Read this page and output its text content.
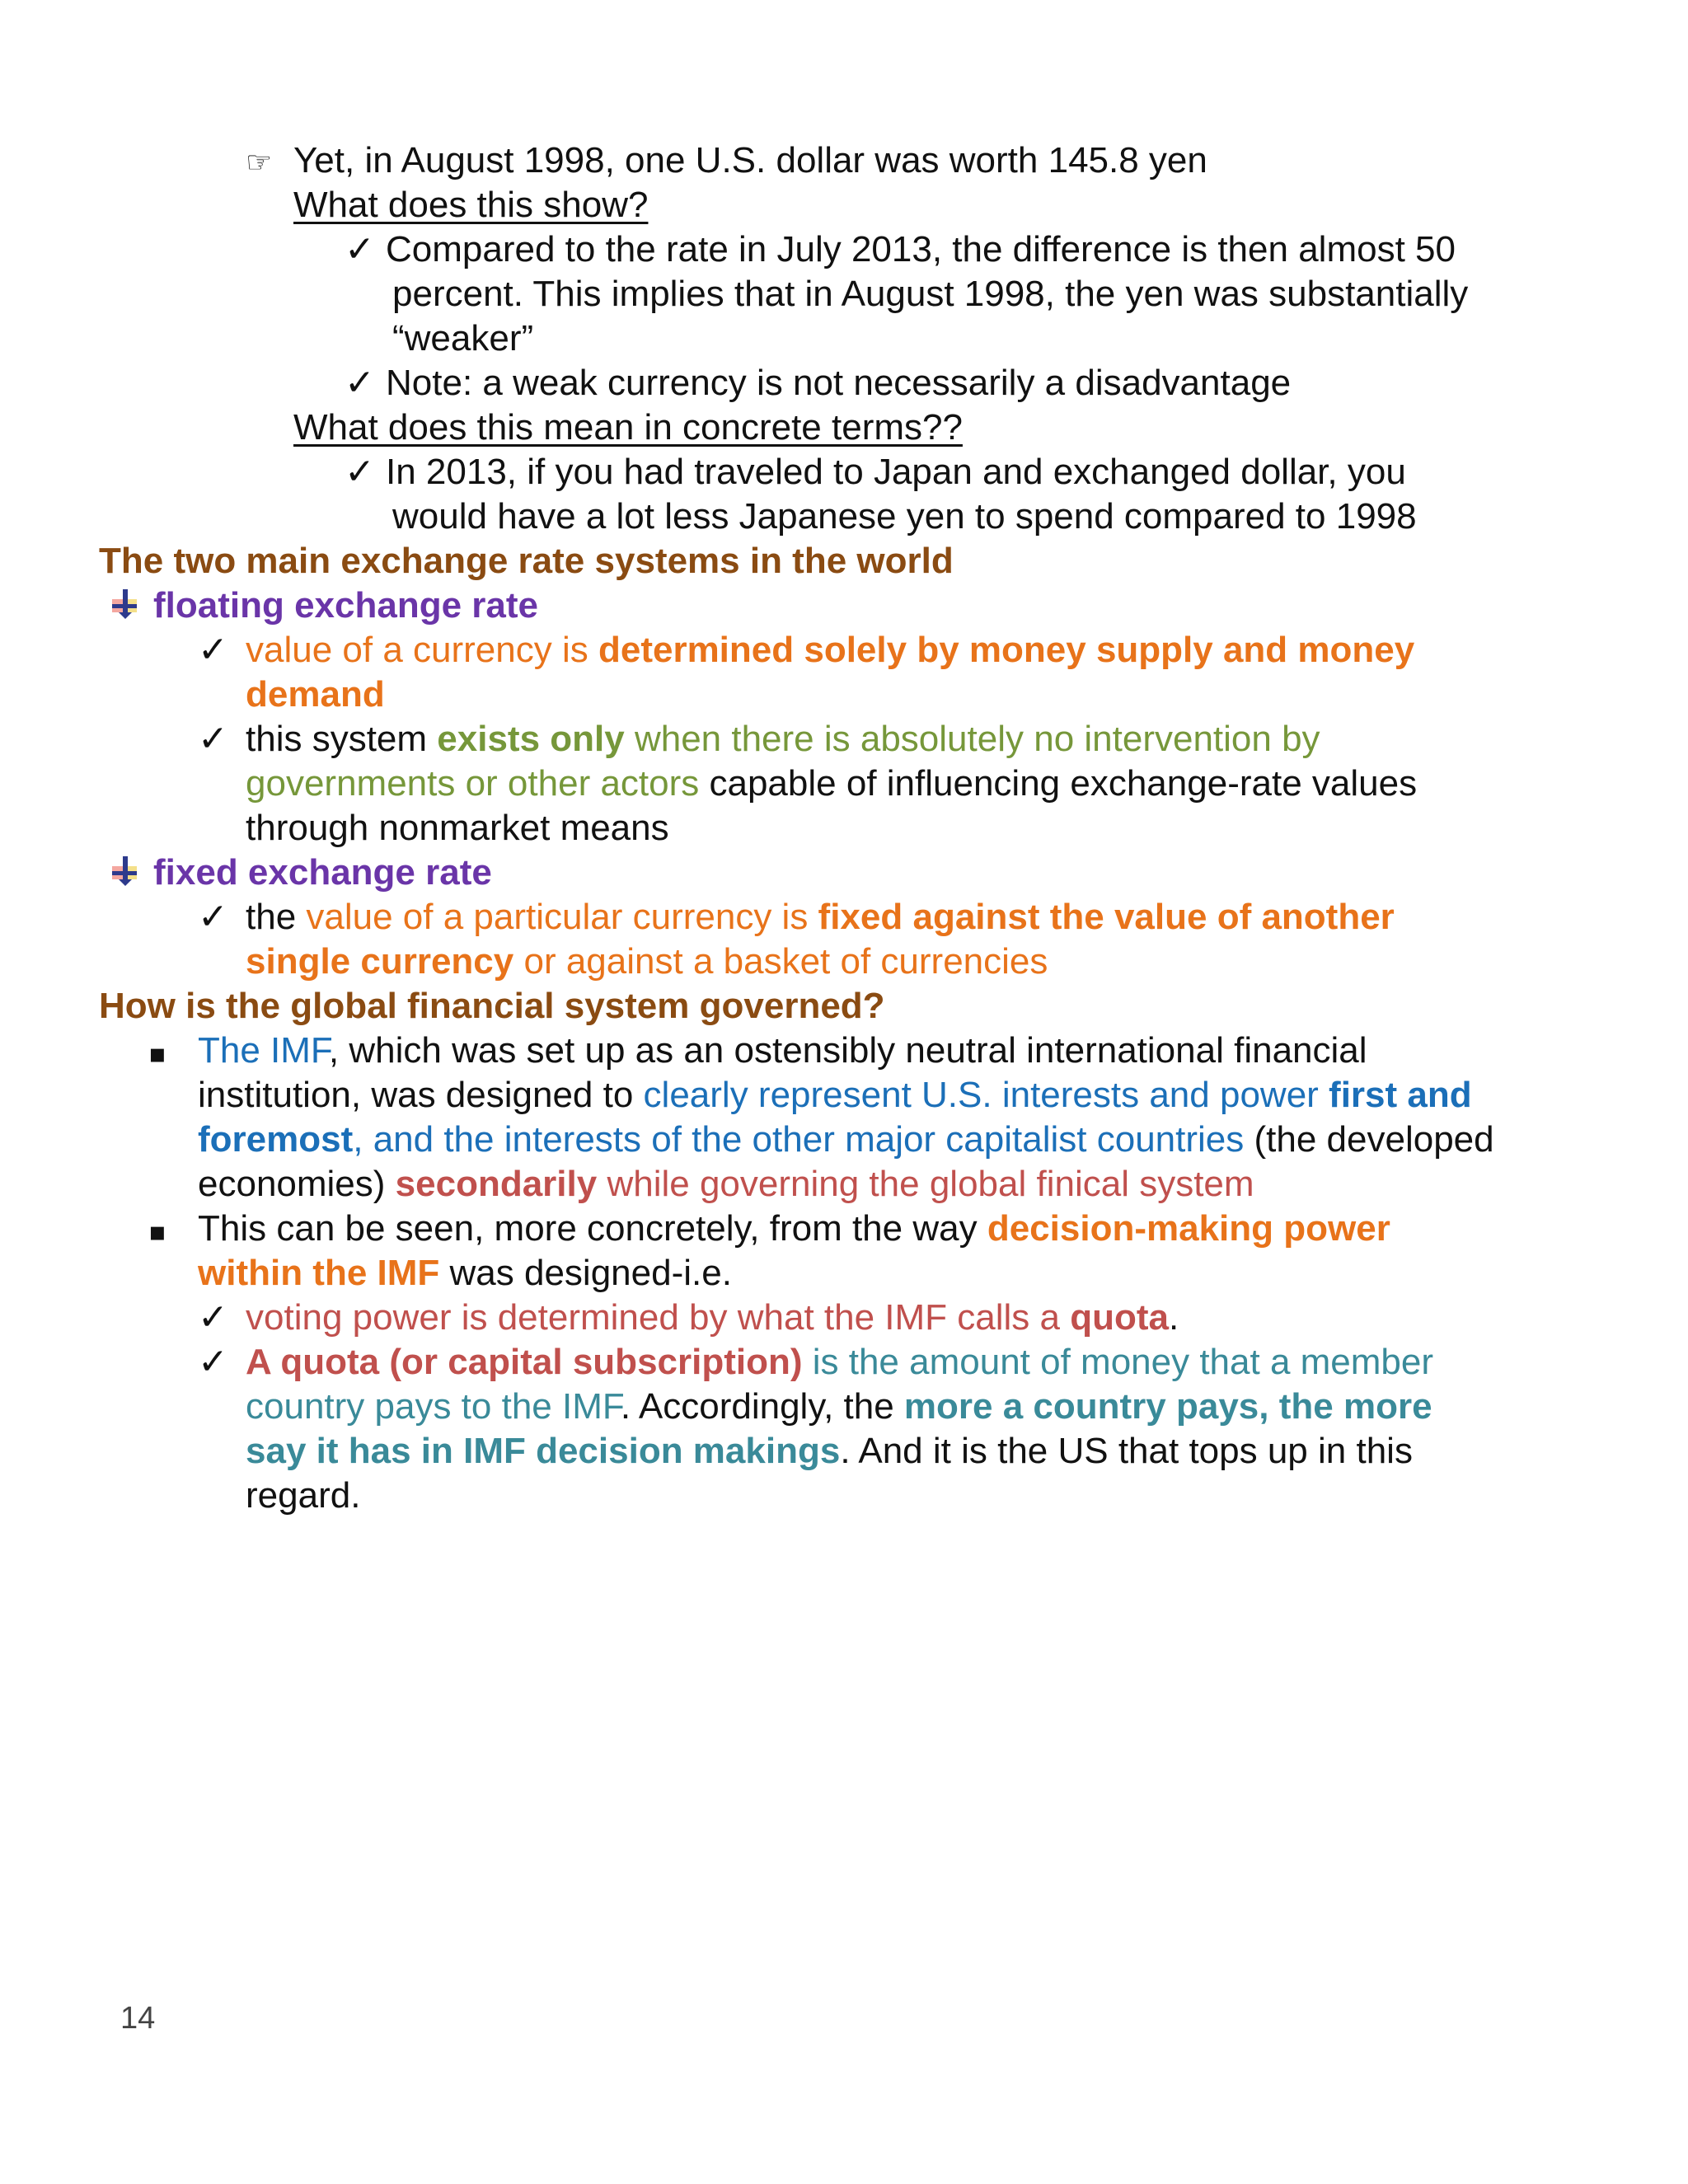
☞ Yet, in August 1998, one U.S. dollar was worth 145.8 yen
What does this show?
✓ Compared to the rate in July 2013, the difference is then almost 50
percent. This implies that in August 1998, the yen was substantially
“weaker”
✓ Note: a weak currency is not necessarily a disadvantage
What does this mean in concrete terms??
✓ In 2013, if you had traveled to Japan and exchanged dollar, you
would have a lot less Japanese yen to spend compared to 1998
The two main exchange rate systems in the world
floating exchange rate
✓ value of a currency is determined solely by money supply and money
demand
✓ this system exists only when there is absolutely no intervention by
governments or other actors capable of influencing exchange-rate values
through nonmarket means
fixed exchange rate
✓ the value of a particular currency is fixed against the value of another
single currency or against a basket of currencies
How is the global financial system governed?
▪ The IMF, which was set up as an ostensibly neutral international financial
institution, was designed to clearly represent U.S. interests and power first and
foremost, and the interests of the other major capitalist countries (the developed
economies) secondarily while governing the global finical system
▪ This can be seen, more concretely, from the way decision-making power
within the IMF was designed-i.e.
✓ voting power is determined by what the IMF calls a quota.
✓ A quota (or capital subscription) is the amount of money that a member
country pays to the IMF. Accordingly, the more a country pays, the more
say it has in IMF decision makings. And it is the US that tops up in this
regard.
14
